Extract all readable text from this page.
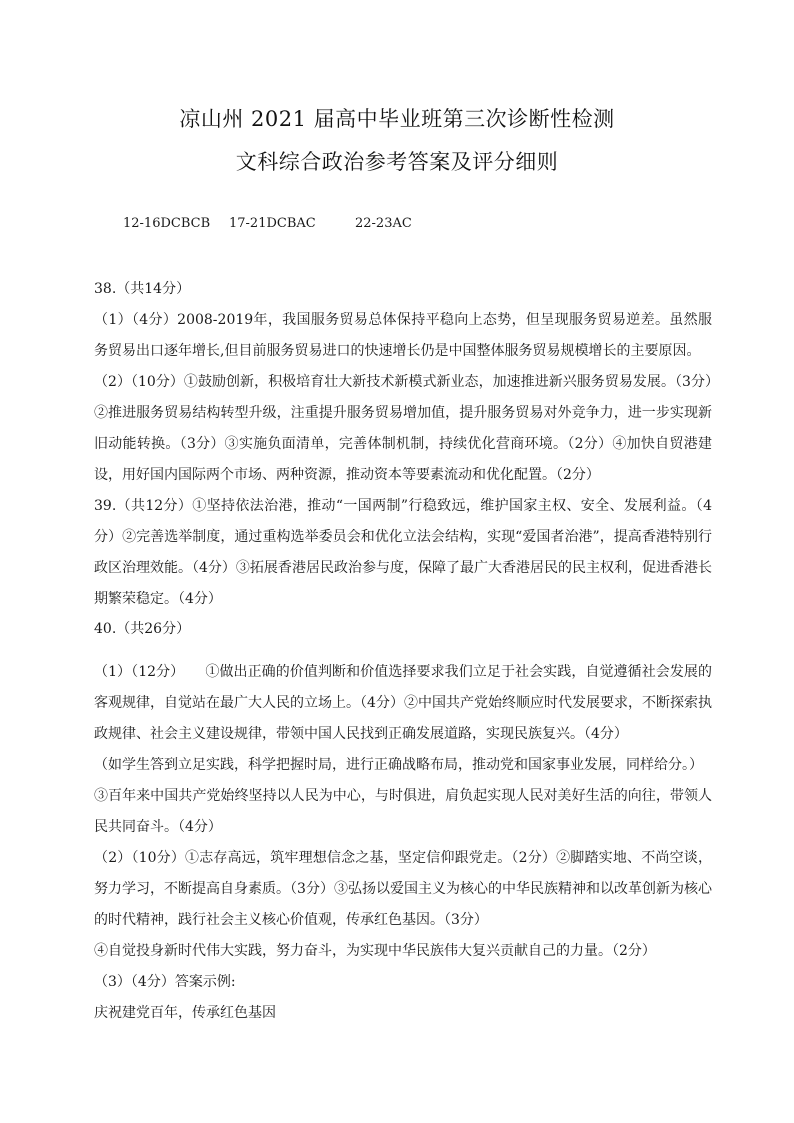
凉山州 2021 届高中毕业班第三次诊断性检测
文科综合政治参考答案及评分细则
12-16DCBCB 17-21DCBAC	22-23AC

38.（共14分）

（1）（4分）2008-2019年，我国服务贸易总体保持平稳向上态势，但呈现服务贸易逆差。虽然服务贸易出口逐年增长,但目前服务贸易进口的快速增长仍是中国整体服务贸易规模增长的主要原因。

（2）（10分）①鼓励创新，积极培育壮大新技术新模式新业态，加速推进新兴服务贸易发展。（3分）②推进服务贸易结构转型升级，注重提升服务贸易增加值，提升服务贸易对外竞争力，进一步实现新旧动能转换。（3分）③实施负面清单，完善体制机制，持续优化营商环境。（2分）④加快自贸港建设，用好国内国际两个市场、两种资源，推动资本等要素流动和优化配置。（2分）

39.（共12分）①坚持依法治港，推动“一国两制”行稳致远，维护国家主权、安全、发展利益。（4分）②完善选举制度，通过重构选举委员会和优化立法会结构，实现“爱国者治港”，提高香港特别行政区治理效能。（4分）③拓展香港居民政治参与度，保障了最广大香港居民的民主权利，促进香港长期繁荣稳定。（4分）

40.（共26分）

（1）（12分）　　①做出正确的价值判断和价值选择要求我们立足于社会实践，自觉遵循社会发展的客观规律，自觉站在最广大人民的立场上。（4分）②中国共产党始终顺应时代发展要求，不断探索执政规律、社会主义建设规律，带领中国人民找到正确发展道路，实现民族复兴。（4分）

（如学生答到立足实践，科学把握时局，进行正确战略布局，推动党和国家事业发展，同样给分。）

③百年来中国共产党始终坚持以人民为中心，与时俱进，肩负起实现人民对美好生活的向往，带领人民共同奋斗。（4分）

（2）（10分）①志存高远，筑牢理想信念之基，坚定信仰跟党走。（2分）②脚踏实地、不尚空谈，努力学习，不断提高自身素质。（3分）③弘扬以爱国主义为核心的中华民族精神和以改革创新为核心的时代精神，践行社会主义核心价值观，传承红色基因。（3分）

④自觉投身新时代伟大实践，努力奋斗，为实现中华民族伟大复兴贡献自己的力量。（2分）

（3）（4分）答案示例:

庆祝建党百年，传承红色基因
